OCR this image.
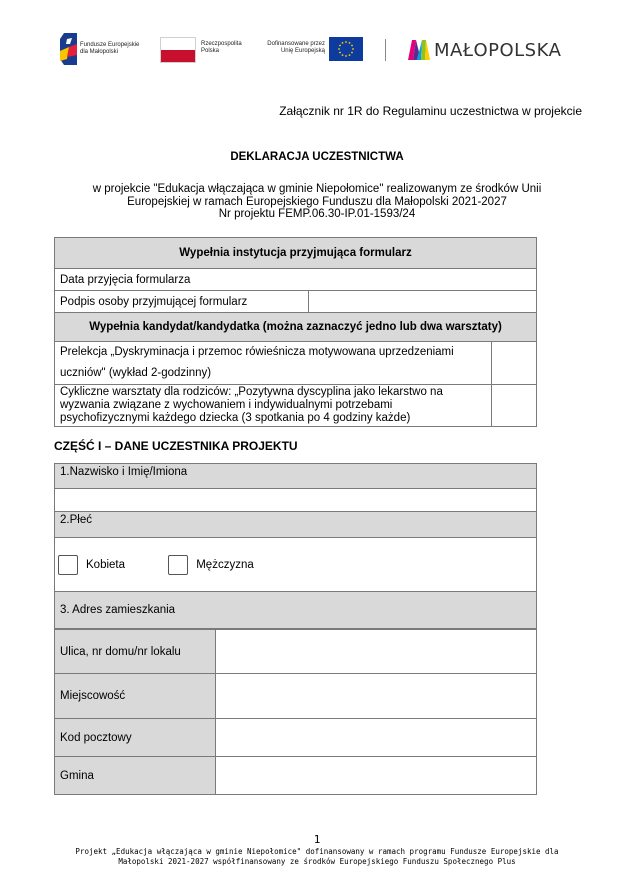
Fundusze Europejskie
dla Małopolski
Rzeczpospolita
Polska
Dofinansowane przez
Unię Europejską	MAŁOPOLSKA
Załącznik nr 1R do Regulaminu uczestnictwa w projekcie
DEKLARACJA UCZESTNICTWA
w projekcie "Edukacja włączająca w gminie Niepołomice" realizowanym ze środków Unii
Europejskiej w ramach Europejskiego Funduszu dla Małopolski 2021-2027
Nr projektu FEMP.06.30-IP.01-1593/24
Wypełnia instytucja przyjmująca formularz		
Data przyjęcia formularza		
Podpis osoby przyjmującej formularz		
Wypełnia kandydat/kandydatka (można zaznaczyć jedno lub dwa warsztaty)		

Prelekcja „Dyskryminacja i przemoc rówieśnicza motywowana uprzedzeniami
uczniów" (wykład 2-godzinny)		

Cykliczne warsztaty dla rodziców: „Pozytywna dyscyplina jako lekarstwo na
wyzwania związane z wychowaniem i indywidualnymi potrzebami
psychofizycznymi każdego dziecka (3 spotkania po 4 godziny każde)		

CZĘŚĆ I – DANE UCZESTNIKA PROJEKTU
1.Nazwisko i Imię/Imiona

2.Płeć
Kobieta	Mężczyzna
3. Adres zamieszkania
Ulica, nr domu/nr lokalu	
Miejscowość	
Kod pocztowy	
Gmina	
1
Projekt „Edukacja włączająca w gminie Niepołomice" dofinansowany w ramach programu Fundusze Europejskie dla
Małopolski 2021-2027 współfinansowany ze środków Europejskiego Funduszu Społecznego Plus
